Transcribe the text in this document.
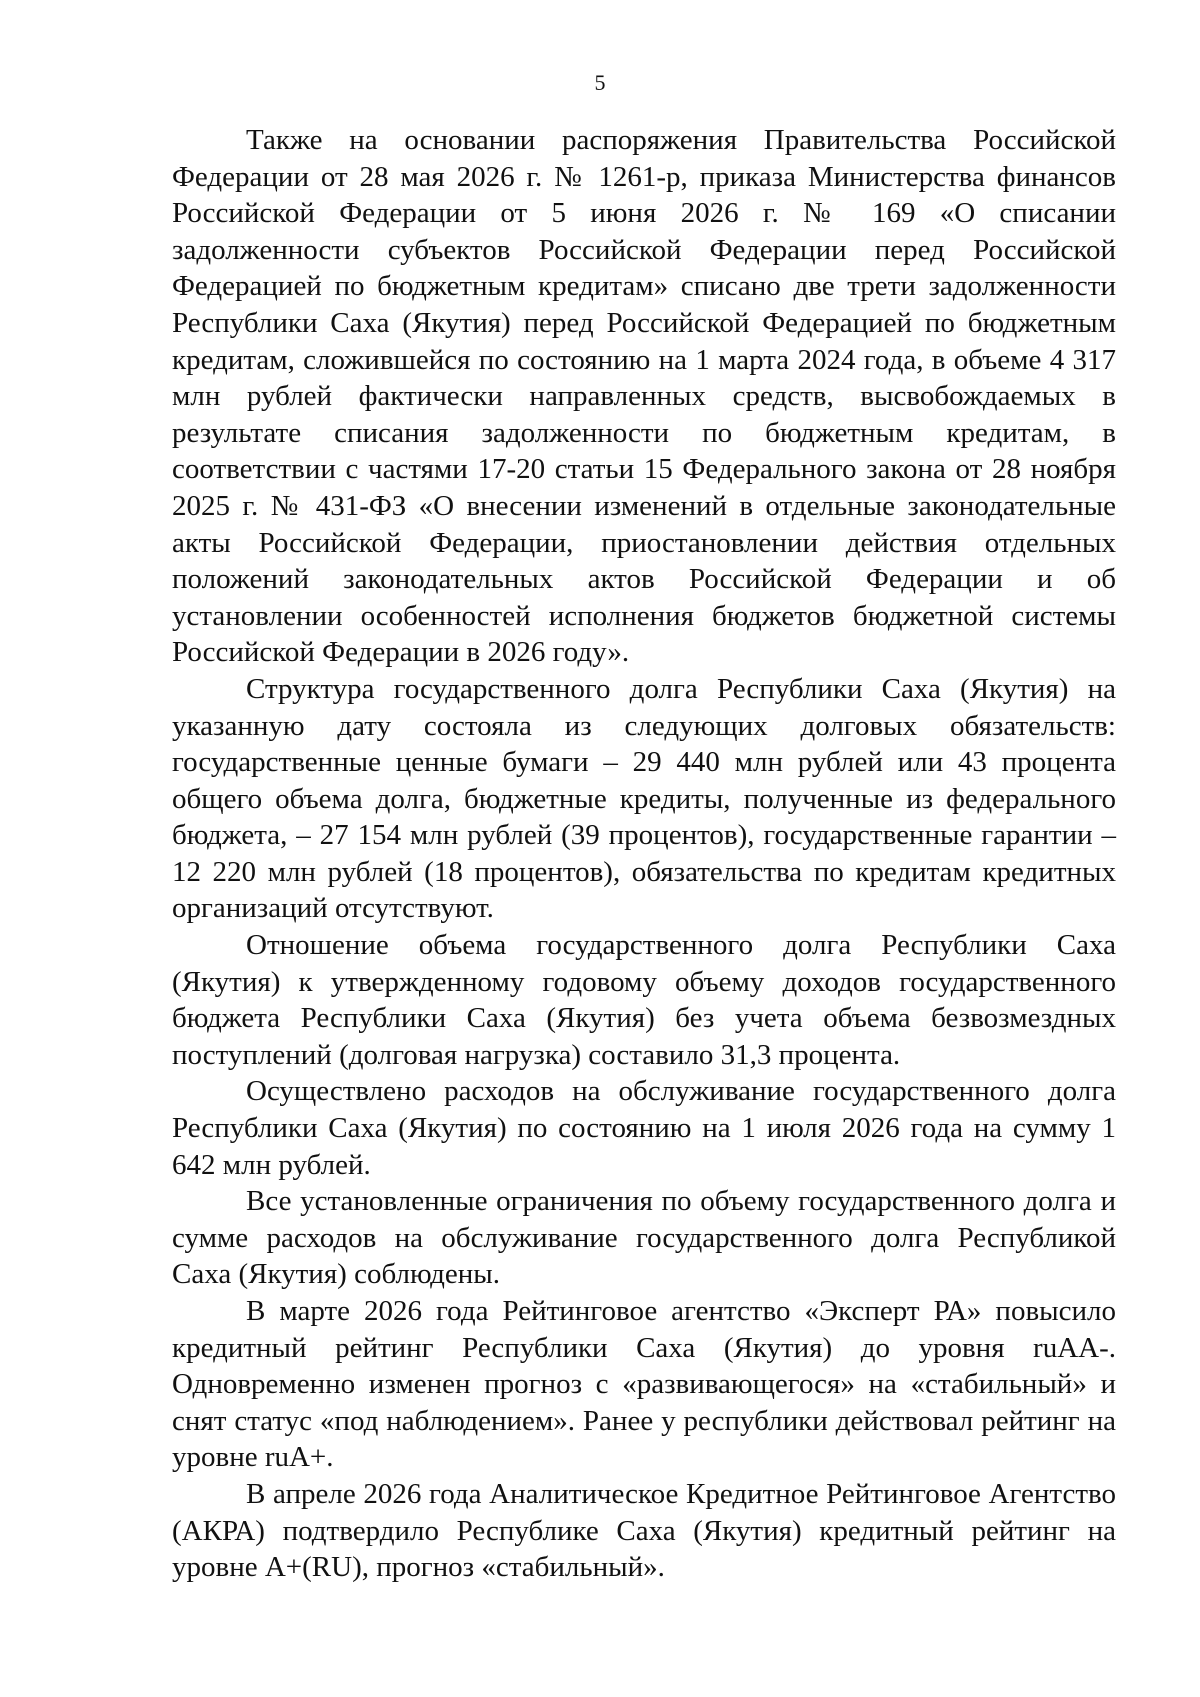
5

Также на основании распоряжения Правительства Российской Федерации от 28 мая 2026 г. № 1261-р, приказа Министерства финансов Российской Федерации от 5 июня 2026 г. № 169 «О списании задолженности субъектов Российской Федерации перед Российской Федерацией по бюджетным кредитам» списано две трети задолженности Республики Саха (Якутия) перед Российской Федерацией по бюджетным кредитам, сложившейся по состоянию на 1 марта 2024 года, в объеме 4 317 млн рублей фактически направленных средств, высвобождаемых в результате списания задолженности по бюджетным кредитам, в соответствии с частями 17-20 статьи 15 Федерального закона от 28 ноября 2025 г. № 431-ФЗ «О внесении изменений в отдельные законодательные акты Российской Федерации, приостановлении действия отдельных положений законодательных актов Российской Федерации и об установлении особенностей исполнения бюджетов бюджетной системы Российской Федерации в 2026 году».

Структура государственного долга Республики Саха (Якутия) на указанную дату состояла из следующих долговых обязательств: государственные ценные бумаги – 29 440 млн рублей или 43 процента общего объема долга, бюджетные кредиты, полученные из федерального бюджета, – 27 154 млн рублей (39 процентов), государственные гарантии – 12 220 млн рублей (18 процентов), обязательства по кредитам кредитных организаций отсутствуют.

Отношение объема государственного долга Республики Саха (Якутия) к утвержденному годовому объему доходов государственного бюджета Республики Саха (Якутия) без учета объема безвозмездных поступлений (долговая нагрузка) составило 31,3 процента.

Осуществлено расходов на обслуживание государственного долга Республики Саха (Якутия) по состоянию на 1 июля 2026 года на сумму 1 642 млн рублей.

Все установленные ограничения по объему государственного долга и сумме расходов на обслуживание государственного долга Республикой Саха (Якутия) соблюдены.

В марте 2026 года Рейтинговое агентство «Эксперт РА» повысило кредитный рейтинг Республики Саха (Якутия) до уровня ruAA-. Одновременно изменен прогноз с «развивающегося» на «стабильный» и снят статус «под наблюдением». Ранее у республики действовал рейтинг на уровне ruA+.

В апреле 2026 года Аналитическое Кредитное Рейтинговое Агентство (АКРА) подтвердило Республике Саха (Якутия) кредитный рейтинг на уровне A+(RU), прогноз «стабильный».
